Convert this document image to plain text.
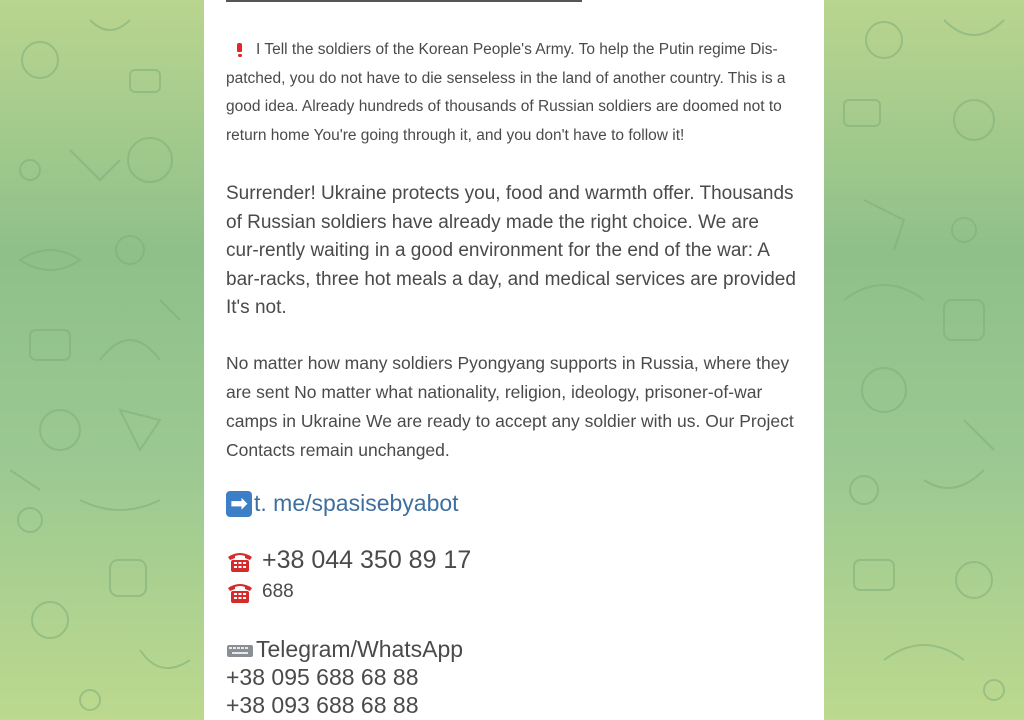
I Tell the soldiers of the Korean People's Army. To help the Putin regime Dis-patched, you do not have to die senseless in the land of another country. This is a good idea. Already hundreds of thousands of Russian soldiers are doomed not to return home You're going through it, and you don't have to follow it!
Surrender! Ukraine protects you, food and warmth offer. Thousands of Russian soldiers have already made the right choice. We are cur-rently waiting in a good environment for the end of the war: A bar-racks, three hot meals a day, and medical services are provided It's not.
No matter how many soldiers Pyongyang supports in Russia, where they are sent No matter what nationality, religion, ideology, prisoner-of-war camps in Ukraine We are ready to accept any soldier with us. Our Project Contacts remain unchanged.
➡ t. me/spasisebyabot
+38 044 350 89 17
688
Telegram/WhatsApp
+38 095 688 68 88
+38 093 688 68 88
